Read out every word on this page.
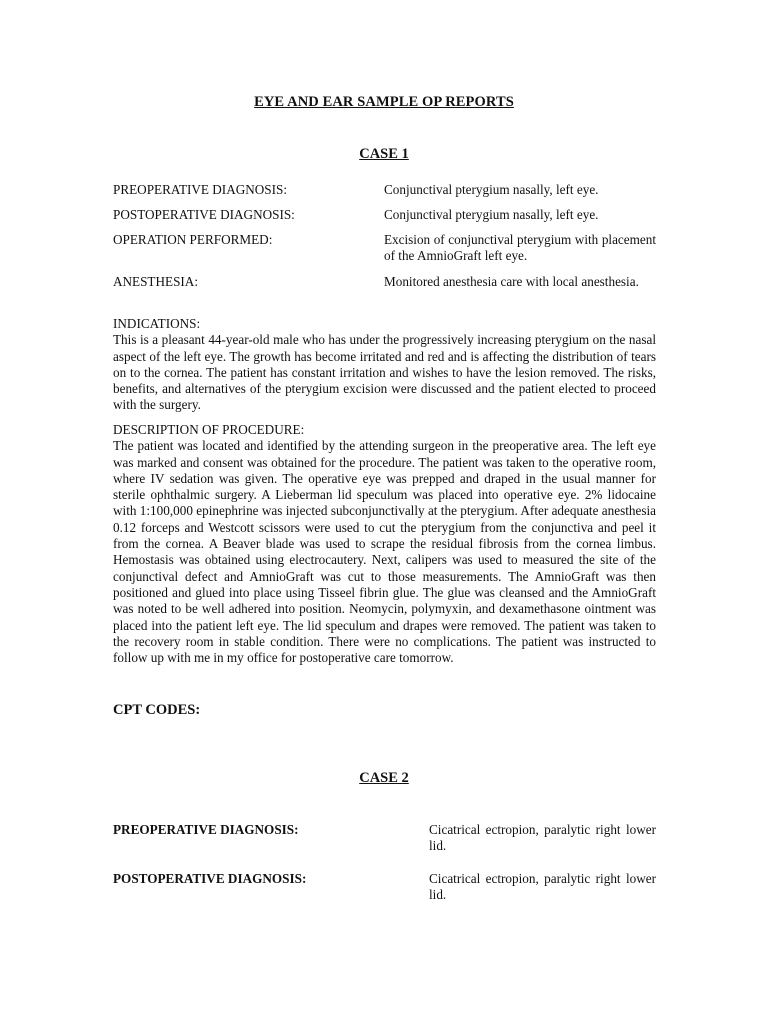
EYE AND EAR SAMPLE OP REPORTS
CASE 1
PREOPERATIVE DIAGNOSIS:	Conjunctival pterygium nasally, left eye.
POSTOPERATIVE DIAGNOSIS:	Conjunctival pterygium nasally, left eye.
OPERATION PERFORMED:	Excision of conjunctival pterygium with placement of the AmnioGraft left eye.
ANESTHESIA:	Monitored anesthesia care with local anesthesia.
INDICATIONS:
This is a pleasant 44-year-old male who has under the progressively increasing pterygium on the nasal aspect of the left eye. The growth has become irritated and red and is affecting the distribution of tears on to the cornea. The patient has constant irritation and wishes to have the lesion removed. The risks, benefits, and alternatives of the pterygium excision were discussed and the patient elected to proceed with the surgery.
DESCRIPTION OF PROCEDURE:
The patient was located and identified by the attending surgeon in the preoperative area. The left eye was marked and consent was obtained for the procedure. The patient was taken to the operative room, where IV sedation was given. The operative eye was prepped and draped in the usual manner for sterile ophthalmic surgery. A Lieberman lid speculum was placed into operative eye. 2% lidocaine with 1:100,000 epinephrine was injected subconjunctivally at the pterygium. After adequate anesthesia 0.12 forceps and Westcott scissors were used to cut the pterygium from the conjunctiva and peel it from the cornea. A Beaver blade was used to scrape the residual fibrosis from the cornea limbus. Hemostasis was obtained using electrocautery. Next, calipers was used to measured the site of the conjunctival defect and AmnioGraft was cut to those measurements. The AmnioGraft was then positioned and glued into place using Tisseel fibrin glue. The glue was cleansed and the AmnioGraft was noted to be well adhered into position. Neomycin, polymyxin, and dexamethasone ointment was placed into the patient left eye. The lid speculum and drapes were removed. The patient was taken to the recovery room in stable condition. There were no complications. The patient was instructed to follow up with me in my office for postoperative care tomorrow.
CPT CODES:
CASE 2
PREOPERATIVE DIAGNOSIS:	Cicatrical ectropion, paralytic right lower lid.
POSTOPERATIVE DIAGNOSIS:	Cicatrical ectropion, paralytic right lower lid.
